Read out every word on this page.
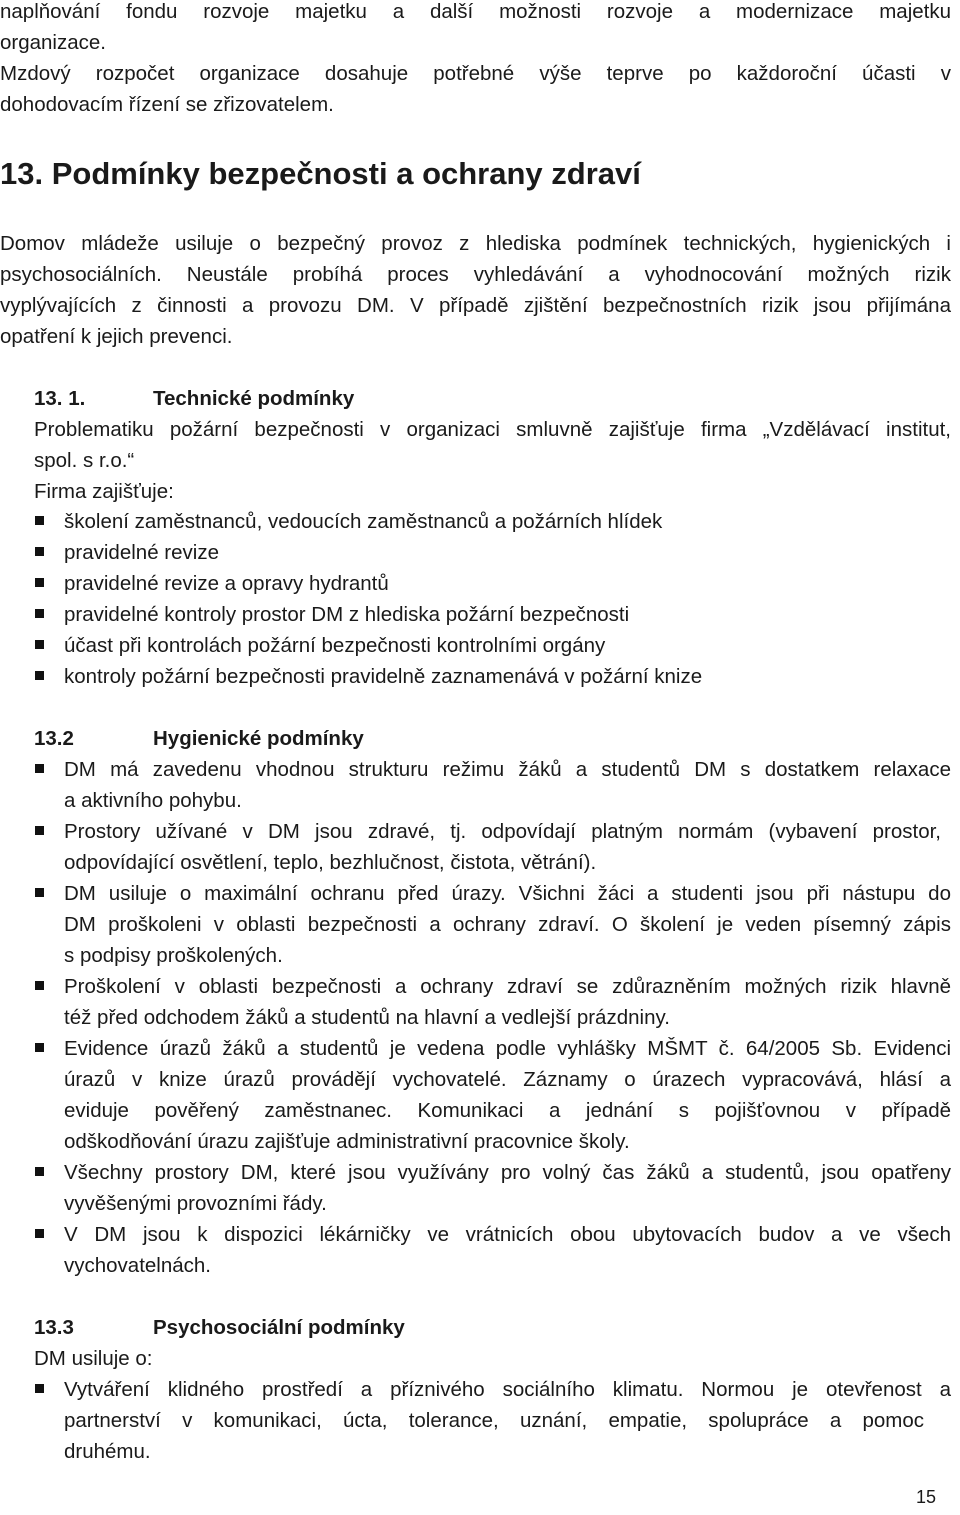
naplňování fondu rozvoje majetku a další možnosti rozvoje a modernizace majetku

organizace.

Mzdový rozpočet organizace dosahuje potřebné výše teprve po každoroční účasti v

dohodovacím řízení se zřizovatelem.

13. Podmínky bezpečnosti a ochrany zdraví

Domov mládeže usiluje o bezpečný provoz z hlediska podmínek technických, hygienických i

psychosociálních. Neustále probíhá proces vyhledávání a vyhodnocování možných rizik

vyplývajících z činnosti a provozu DM. V případě zjištění bezpečnostních rizik jsou přijímána

opatření k jejich prevenci.

13. 1.	Technické podmínky

Problematiku požární bezpečnosti v organizaci smluvně zajišťuje firma „Vzdělávací institut,

spol. s r.o.“

Firma zajišťuje:

školení zaměstnanců, vedoucích zaměstnanců a požárních hlídek

pravidelné revize

pravidelné revize a opravy hydrantů

pravidelné kontroly prostor DM z hlediska požární bezpečnosti

účast při kontrolách požární bezpečnosti kontrolními orgány

kontroly požární bezpečnosti pravidelně zaznamenává v požární knize

13.2	Hygienické podmínky

DM má zavedenu vhodnou strukturu režimu žáků a studentů DM s dostatkem relaxace

a aktivního pohybu.

Prostory užívané v DM jsou zdravé, tj. odpovídají platným normám (vybavení prostor,

odpovídající osvětlení, teplo, bezhlučnost, čistota, větrání).

DM usiluje o maximální ochranu před úrazy. Všichni žáci a studenti jsou při nástupu do

DM proškoleni v oblasti bezpečnosti a ochrany zdraví. O školení je veden písemný zápis

s podpisy proškolených.

Proškolení v oblasti bezpečnosti a ochrany zdraví se zdůrazněním možných rizik hlavně

též před odchodem žáků a studentů na hlavní a vedlejší prázdniny.

Evidence úrazů žáků a studentů je vedena podle vyhlášky MŠMT č. 64/2005 Sb. Evidenci

úrazů v knize úrazů provádějí vychovatelé. Záznamy o úrazech vypracovává, hlásí a

eviduje pověřený zaměstnanec. Komunikaci a jednání s pojišťovnou v případě

odškodňování úrazu zajišťuje administrativní pracovnice školy.

Všechny prostory DM, které jsou využívány pro volný čas žáků a studentů, jsou opatřeny

vyvěšenými provozními řády.

V DM jsou k dispozici lékárničky ve vrátnicích obou ubytovacích budov a ve všech

vychovatelnách.

13.3	Psychosociální podmínky

DM usiluje o:

Vytváření klidného prostředí a příznivého sociálního klimatu. Normou je otevřenost a

partnerství v komunikaci, úcta, tolerance, uznání, empatie, spolupráce a pomoc

druhému.

15
